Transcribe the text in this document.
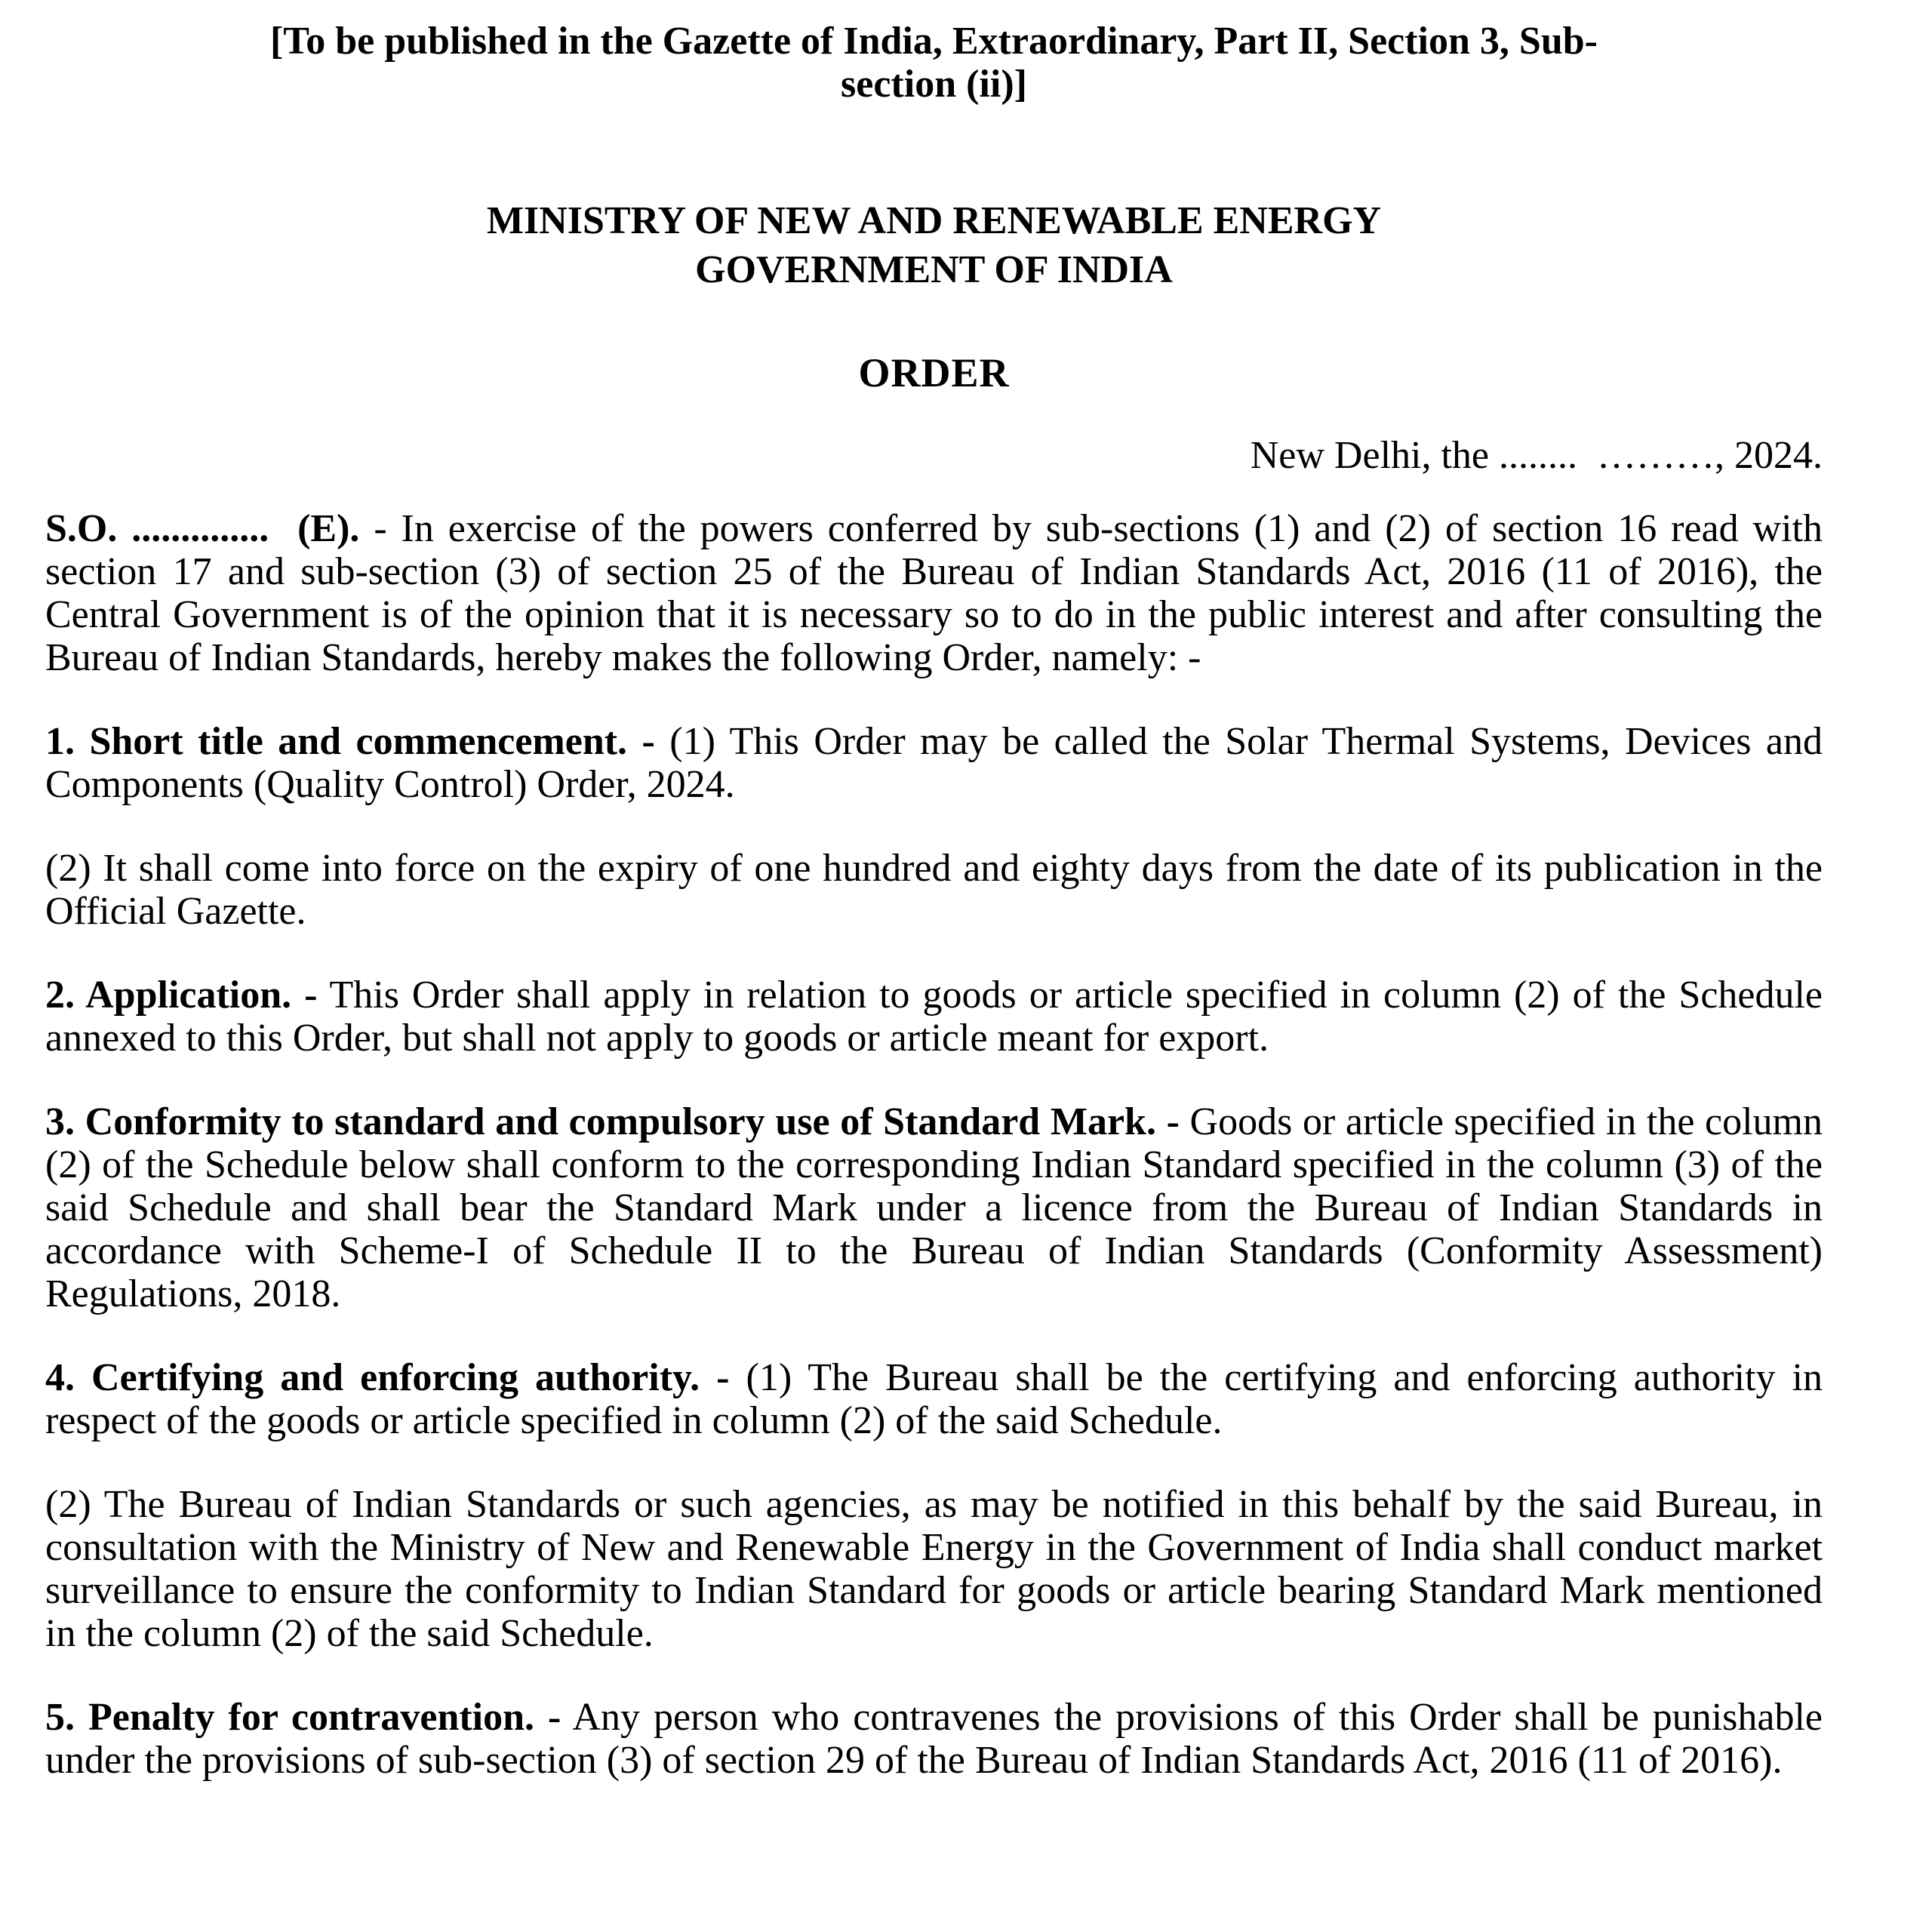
[To be published in the Gazette of India, Extraordinary, Part II, Section 3, Sub-
section (ii)]
MINISTRY OF NEW AND RENEWABLE ENERGY
GOVERNMENT OF INDIA
ORDER
New Delhi, the ........  ………, 2024.

S.O. ..............  (E). - In exercise of the powers conferred by sub-sections (1) and (2) of section 16 read with section 17 and sub-section (3) of section 25 of the Bureau of Indian Standards Act, 2016 (11 of 2016), the Central Government is of the opinion that it is necessary so to do in the public interest and after consulting the Bureau of Indian Standards, hereby makes the following Order, namely: -

1. Short title and commencement. - (1) This Order may be called the Solar Thermal Systems, Devices and Components (Quality Control) Order, 2024.

(2) It shall come into force on the expiry of one hundred and eighty days from the date of its publication in the Official Gazette.

2. Application. - This Order shall apply in relation to goods or article specified in column (2) of the Schedule annexed to this Order, but shall not apply to goods or article meant for export.

3. Conformity to standard and compulsory use of Standard Mark. - Goods or article specified in the column (2) of the Schedule below shall conform to the corresponding Indian Standard specified in the column (3) of the said Schedule and shall bear the Standard Mark under a licence from the Bureau of Indian Standards in accordance with Scheme-I of Schedule II to the Bureau of Indian Standards (Conformity Assessment) Regulations, 2018.

4. Certifying and enforcing authority. - (1) The Bureau shall be the certifying and enforcing authority in respect of the goods or article specified in column (2) of the said Schedule.

(2) The Bureau of Indian Standards or such agencies, as may be notified in this behalf by the said Bureau, in consultation with the Ministry of New and Renewable Energy in the Government of India shall conduct market surveillance to ensure the conformity to Indian Standard for goods or article bearing Standard Mark mentioned in the column (2) of the said Schedule.

5. Penalty for contravention. - Any person who contravenes the provisions of this Order shall be punishable under the provisions of sub-section (3) of section 29 of the Bureau of Indian Standards Act, 2016 (11 of 2016).
